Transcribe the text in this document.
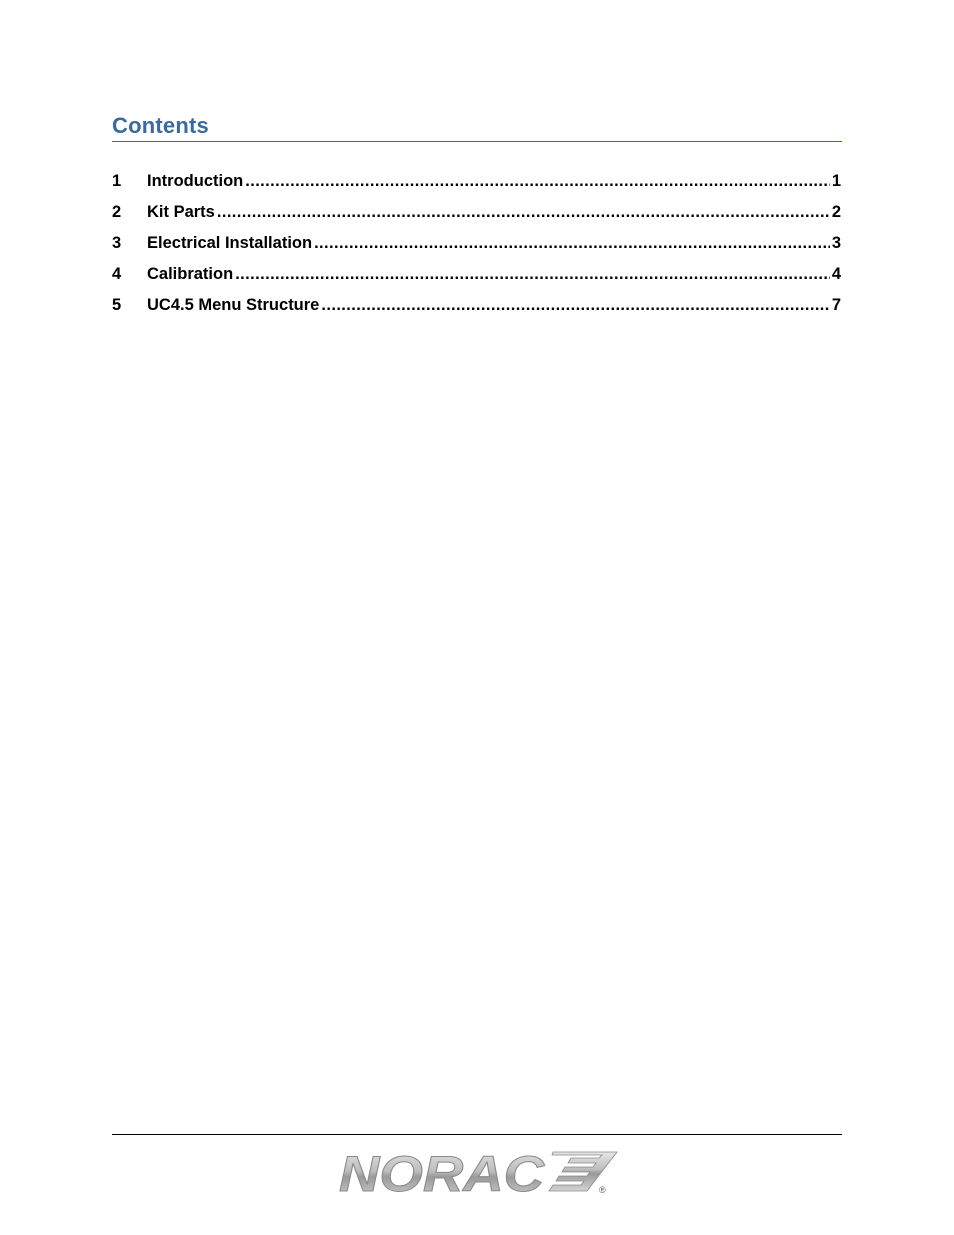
Contents
1	Introduction .....	1
2	Kit Parts .....	2
3	Electrical Installation .....	3
4	Calibration .....	4
5	UC4.5 Menu Structure .....	7
NORAC	®
